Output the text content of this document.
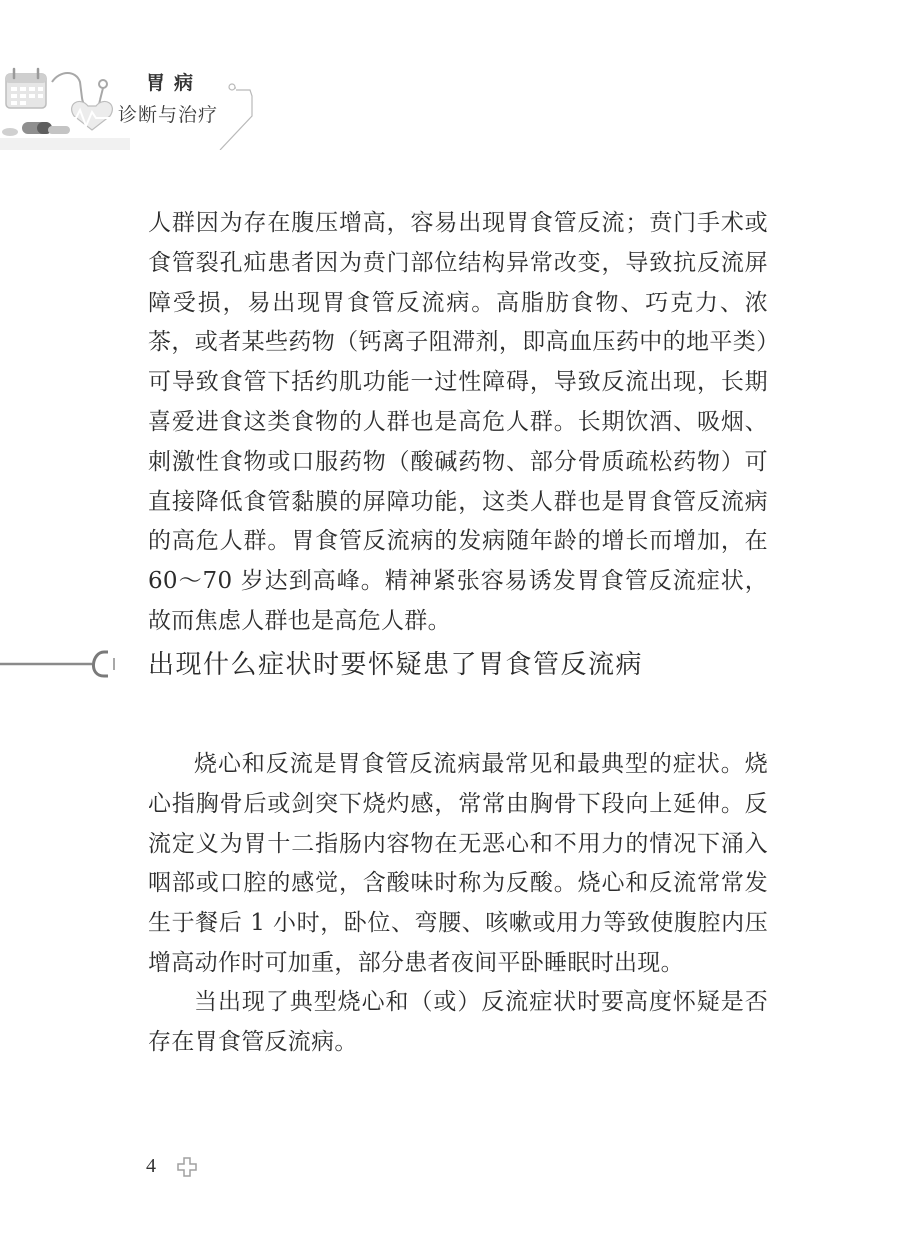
胃病
诊断与治疗

人群因为存在腹压增高，容易出现胃食管反流；贲门手术或食管裂孔疝患者因为贲门部位结构异常改变，导致抗反流屏障受损，易出现胃食管反流病。高脂肪食物、巧克力、浓茶，或者某些药物（钙离子阻滞剂，即高血压药中的地平类）可导致食管下括约肌功能一过性障碍，导致反流出现，长期喜爱进食这类食物的人群也是高危人群。长期饮酒、吸烟、刺激性食物或口服药物（酸碱药物、部分骨质疏松药物）可直接降低食管黏膜的屏障功能，这类人群也是胃食管反流病的高危人群。胃食管反流病的发病随年龄的增长而增加，在 60～70 岁达到高峰。精神紧张容易诱发胃食管反流症状，故而焦虑人群也是高危人群。

出现什么症状时要怀疑患了胃食管反流病

烧心和反流是胃食管反流病最常见和最典型的症状。烧心指胸骨后或剑突下烧灼感，常常由胸骨下段向上延伸。反流定义为胃十二指肠内容物在无恶心和不用力的情况下涌入咽部或口腔的感觉，含酸味时称为反酸。烧心和反流常常发生于餐后 1 小时，卧位、弯腰、咳嗽或用力等致使腹腔内压增高动作时可加重，部分患者夜间平卧睡眠时出现。

当出现了典型烧心和（或）反流症状时要高度怀疑是否存在胃食管反流病。

4
